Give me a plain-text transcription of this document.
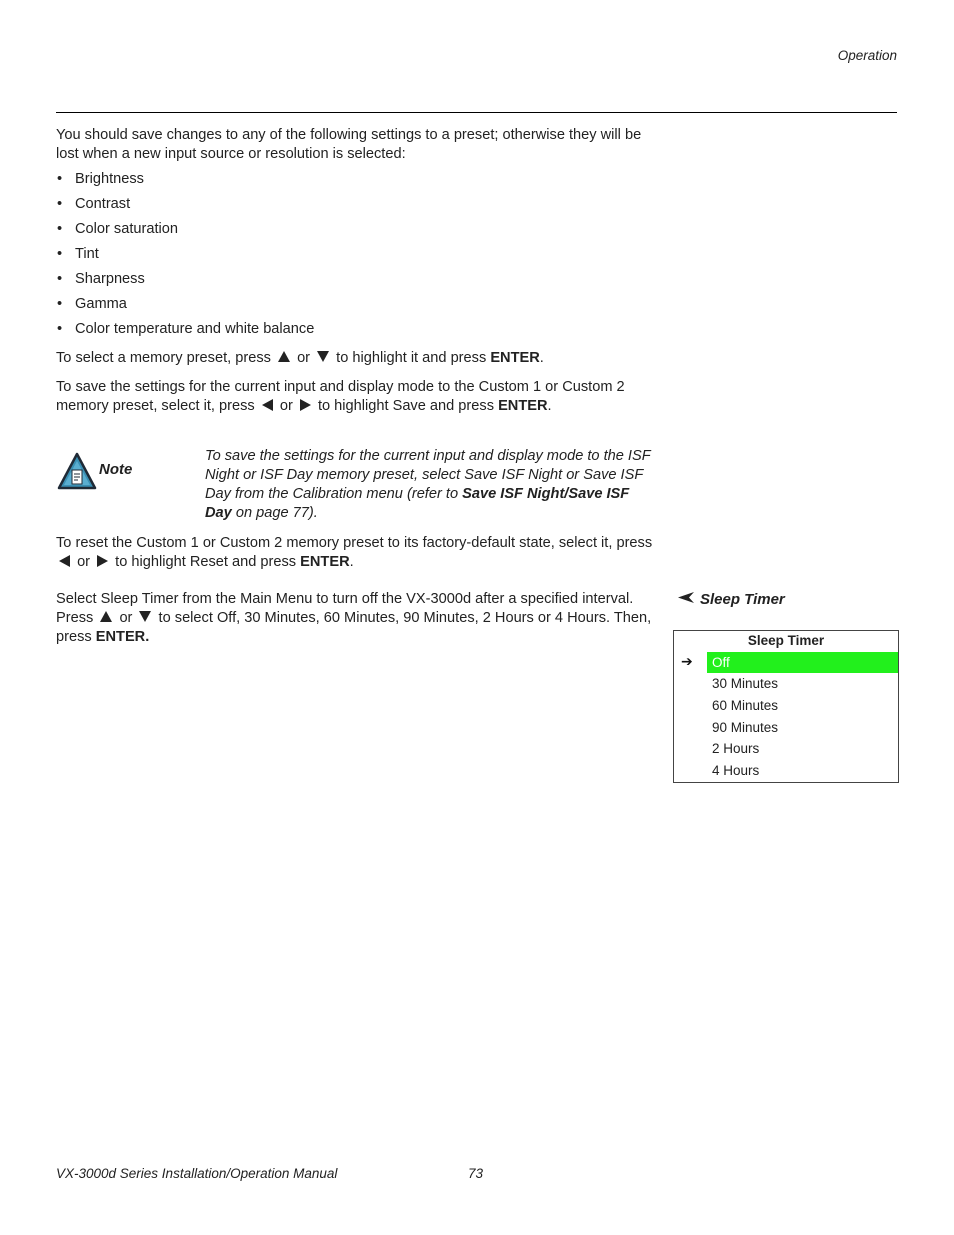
Operation

You should save changes to any of the following settings to a preset; otherwise they will be lost when a new input source or resolution is selected:

• Brightness
• Contrast
• Color saturation
• Tint
• Sharpness
• Gamma
• Color temperature and white balance

To select a memory preset, press or to highlight it and press ENTER.

To save the settings for the current input and display mode to the Custom 1 or Custom 2 memory preset, select it, press or to highlight Save and press ENTER.

Note

To save the settings for the current input and display mode to the ISF Night or ISF Day memory preset, select Save ISF Night or Save ISF Day from the Calibration menu (refer to Save ISF Night/Save ISF Day on page 77).

To reset the Custom 1 or Custom 2 memory preset to its factory-default state, select it, press  or to highlight Reset and press ENTER.

Select Sleep Timer from the Main Menu to turn off the VX-3000d after a specified interval. Press or to select Off, 30 Minutes, 60 Minutes, 90 Minutes, 2 Hours or 4 Hours. Then, press ENTER.

Sleep Timer
Sleep Timer
➔	Off
30 Minutes
60 Minutes
90 Minutes
2 Hours
4 Hours
VX-3000d Series Installation/Operation Manual	73
